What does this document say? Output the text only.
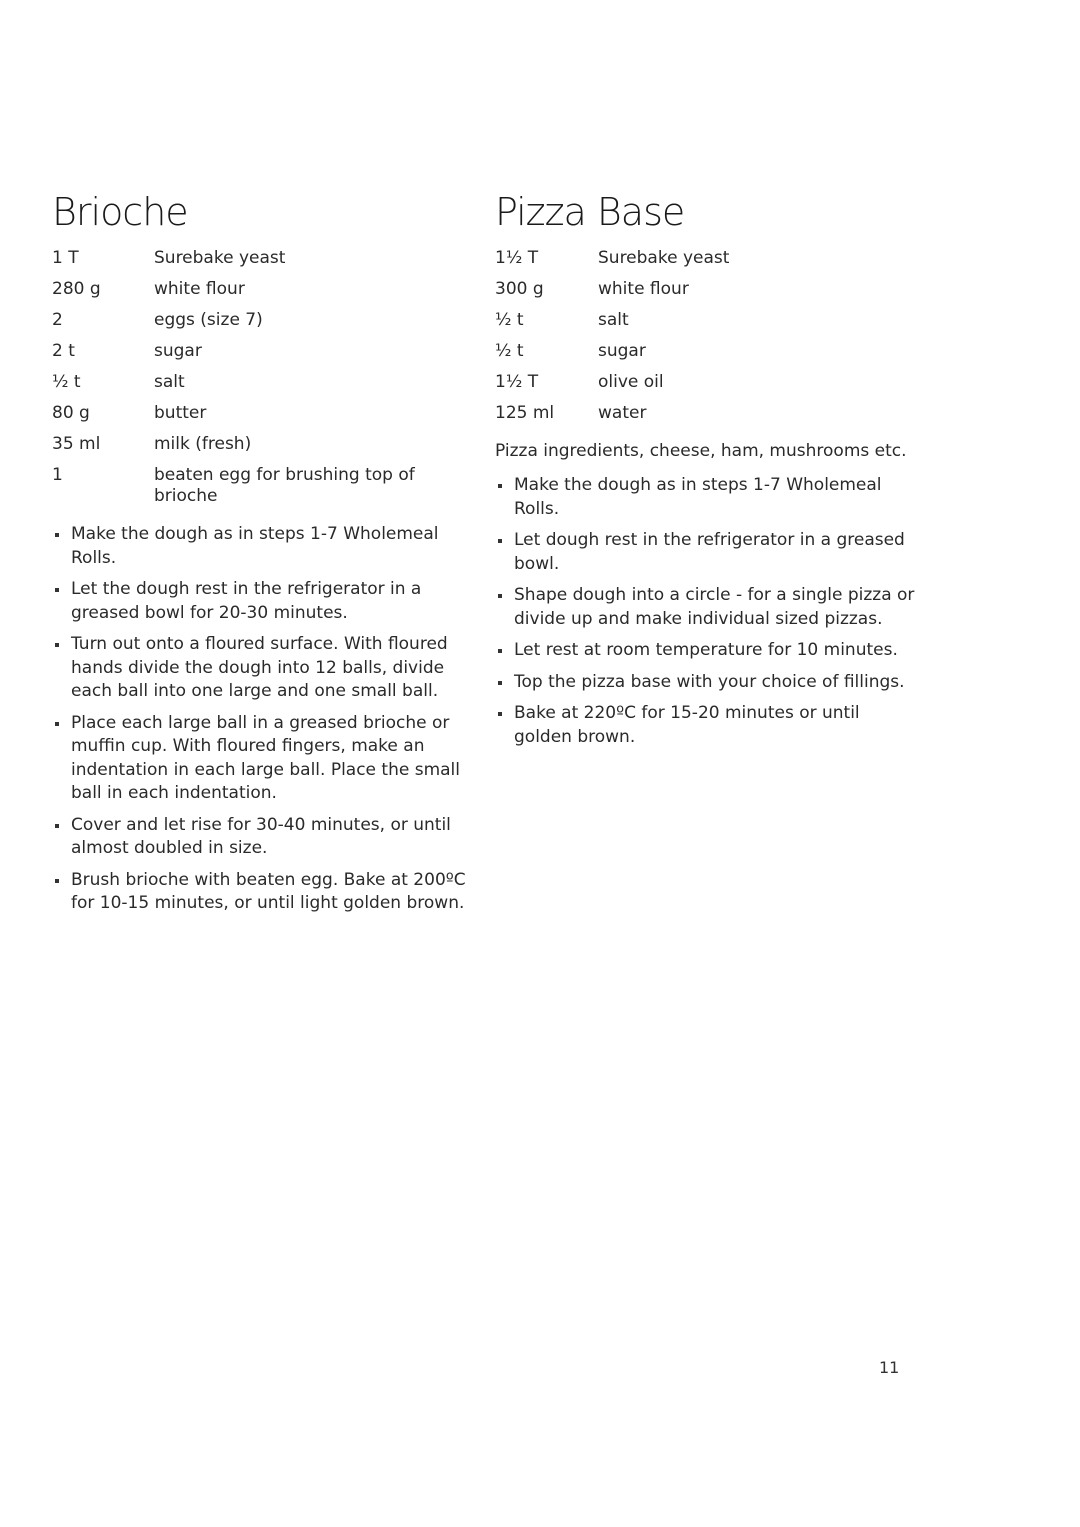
Brioche
1 T	Surebake yeast
280 g	white flour
2	eggs (size 7)
2 t	sugar
½ t	salt
80 g	butter
35 ml	milk (fresh)
1	beaten egg for brushing top of brioche
Make the dough as in steps 1-7 Wholemeal Rolls.
Let the dough rest in the refrigerator in a greased bowl for 20-30 minutes.
Turn out onto a floured surface. With floured hands divide the dough into 12 balls, divide each ball into one large and one small ball.
Place each large ball in a greased brioche or muffin cup. With floured fingers, make an indentation in each large ball. Place the small ball in each indentation.
Cover and let rise for 30-40 minutes, or until almost doubled in size.
Brush brioche with beaten egg. Bake at 200ºC for 10-15 minutes, or until light golden brown.
Pizza Base
1½ T	Surebake yeast
300 g	white flour
½ t	salt
½ t	sugar
1½ T	olive oil
125 ml	water

Pizza ingredients, cheese, ham, mushrooms etc.

Make the dough as in steps 1-7 Wholemeal Rolls.
Let dough rest in the refrigerator in a greased bowl.
Shape dough into a circle - for a single pizza or divide up and make individual sized pizzas.
Let rest at room temperature for 10 minutes.
Top the pizza base with your choice of fillings.
Bake at 220ºC for 15-20 minutes or until golden brown.
11
